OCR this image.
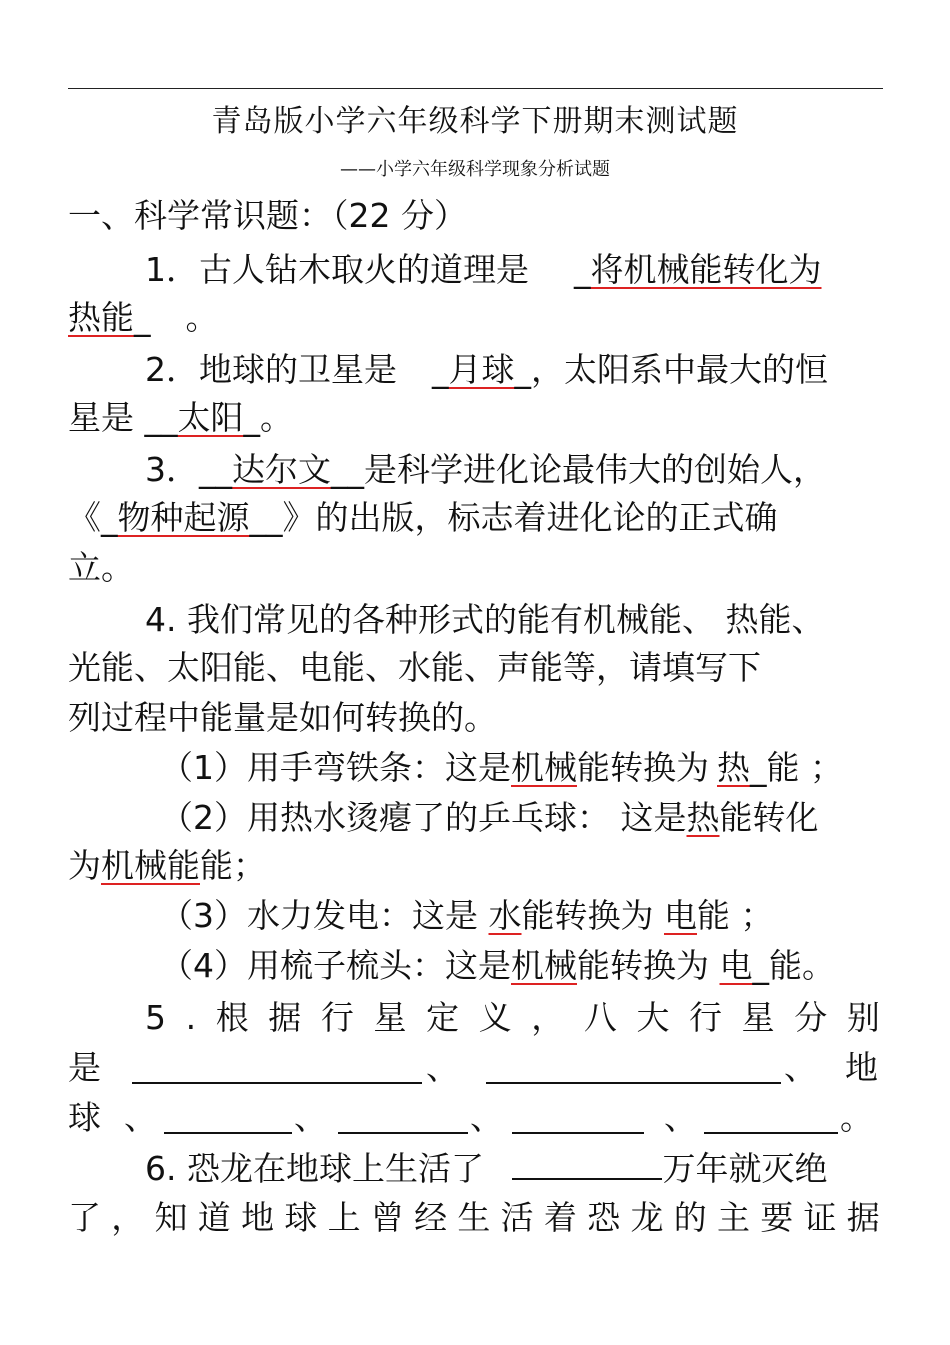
青岛版小学六年级科学下册期末测试题
——小学六年级科学现象分析试题
一、科学常识题：（22 分）
1．古人钻木取火的道理是 _将机械能转化为
热能_ 。
2．地球的卫星是 _月球_，太阳系中最大的恒
星是 __太阳_。
3．__达尔文__是科学进化论最伟大的创始人，
《_物种起源__》的出版，标志着进化论的正式确
立。
4. 我们常见的各种形式的能有机械能、 热能、
光能、太阳能、电能、水能、声能等，请填写下
列过程中能量是如何转换的。
（1）用手弯铁条：这是机械能转换为 热_能 ；
（2）用热水烫瘪了的乒乓球： 这是热能转化
为机械能能；
（3）水力发电：这是 水能转换为 电能 ；
（4）用梳子梳头：这是机械能转换为 电_能。
5 . 根 据 行 星 定 义 ， 八 大 行 星 分 别
是	、	、 地
球 、	、	、	、	。
6. 恐龙在地球上生活了	万年就灭绝
了 ， 知 道 地 球 上 曾 经 生 活 着 恐 龙 的 主 要 证 据
